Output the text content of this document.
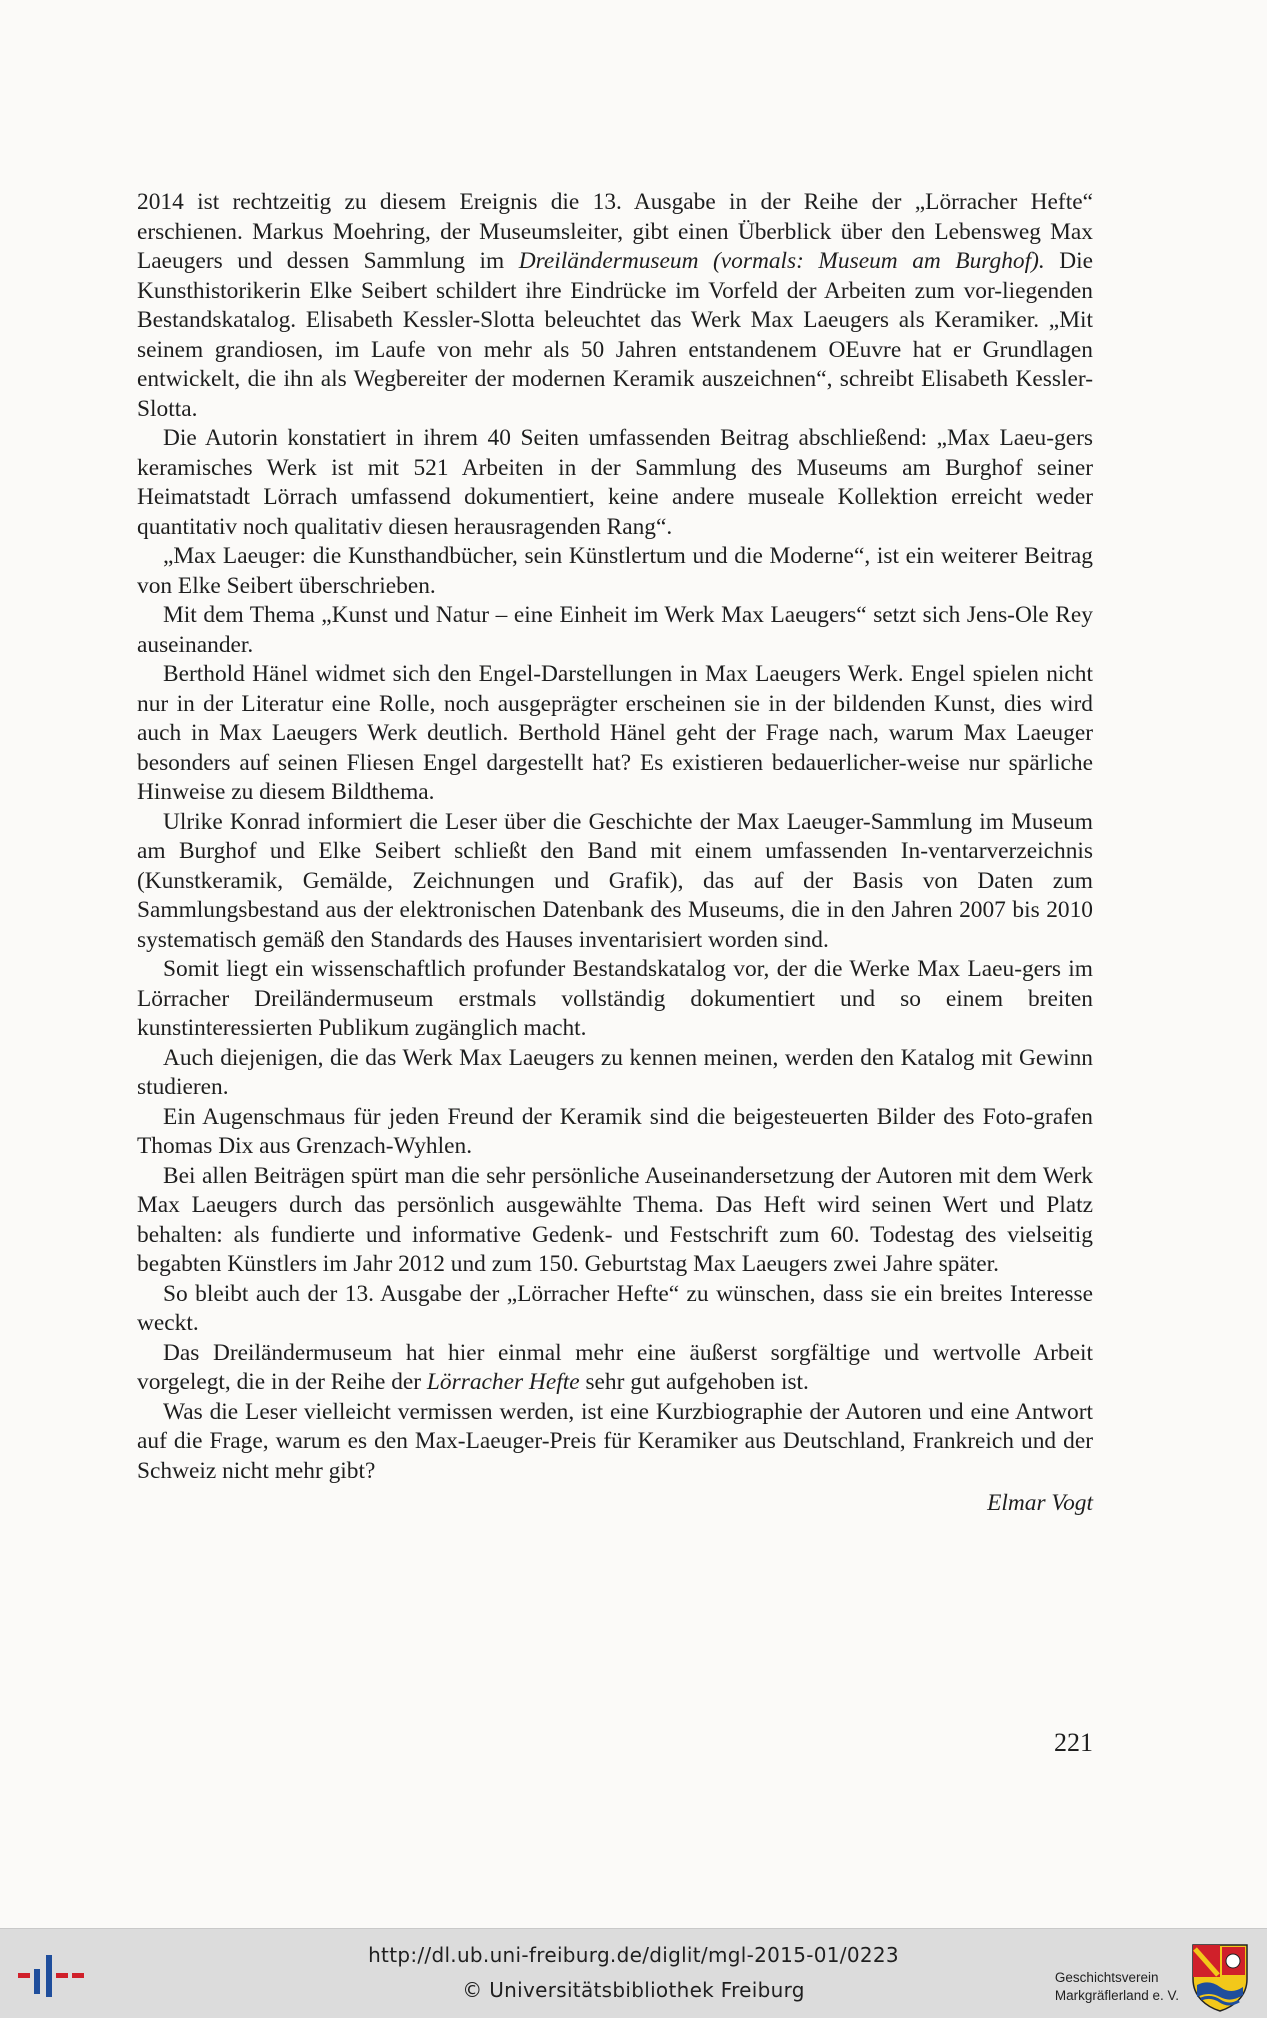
2014 ist rechtzeitig zu diesem Ereignis die 13. Ausgabe in der Reihe der „Lörracher Hefte“ erschienen. Markus Moehring, der Museumsleiter, gibt einen Überblick über den Lebensweg Max Laeugers und dessen Sammlung im Dreiländermuseum (vormals: Museum am Burghof). Die Kunsthistorikerin Elke Seibert schildert ihre Eindrücke im Vorfeld der Arbeiten zum vor-liegenden Bestandskatalog. Elisabeth Kessler-Slotta beleuchtet das Werk Max Laeugers als Keramiker. „Mit seinem grandiosen, im Laufe von mehr als 50 Jahren entstandenem OEuvre hat er Grundlagen entwickelt, die ihn als Wegbereiter der modernen Keramik auszeichnen“, schreibt Elisabeth Kessler-Slotta.

Die Autorin konstatiert in ihrem 40 Seiten umfassenden Beitrag abschließend: „Max Laeu-gers keramisches Werk ist mit 521 Arbeiten in der Sammlung des Museums am Burghof seiner Heimatstadt Lörrach umfassend dokumentiert, keine andere museale Kollektion erreicht weder quantitativ noch qualitativ diesen herausragenden Rang“.

„Max Laeuger: die Kunsthandbücher, sein Künstlertum und die Moderne“, ist ein weiterer Beitrag von Elke Seibert überschrieben.

Mit dem Thema „Kunst und Natur – eine Einheit im Werk Max Laeugers“ setzt sich Jens-Ole Rey auseinander.

Berthold Hänel widmet sich den Engel-Darstellungen in Max Laeugers Werk. Engel spielen nicht nur in der Literatur eine Rolle, noch ausgeprägter erscheinen sie in der bildenden Kunst, dies wird auch in Max Laeugers Werk deutlich. Berthold Hänel geht der Frage nach, warum Max Laeuger besonders auf seinen Fliesen Engel dargestellt hat? Es existieren bedauerlicher-weise nur spärliche Hinweise zu diesem Bildthema.

Ulrike Konrad informiert die Leser über die Geschichte der Max Laeuger-Sammlung im Museum am Burghof und Elke Seibert schließt den Band mit einem umfassenden In-ventarverzeichnis (Kunstkeramik, Gemälde, Zeichnungen und Grafik), das auf der Basis von Daten zum Sammlungsbestand aus der elektronischen Datenbank des Museums, die in den Jahren 2007 bis 2010 systematisch gemäß den Standards des Hauses inventarisiert worden sind.

Somit liegt ein wissenschaftlich profunder Bestandskatalog vor, der die Werke Max Laeu-gers im Lörracher Dreiländermuseum erstmals vollständig dokumentiert und so einem breiten kunstinteressierten Publikum zugänglich macht.

Auch diejenigen, die das Werk Max Laeugers zu kennen meinen, werden den Katalog mit Gewinn studieren.

Ein Augenschmaus für jeden Freund der Keramik sind die beigesteuerten Bilder des Foto-grafen Thomas Dix aus Grenzach-Wyhlen.

Bei allen Beiträgen spürt man die sehr persönliche Auseinandersetzung der Autoren mit dem Werk Max Laeugers durch das persönlich ausgewählte Thema. Das Heft wird seinen Wert und Platz behalten: als fundierte und informative Gedenk- und Festschrift zum 60. Todestag des vielseitig begabten Künstlers im Jahr 2012 und zum 150. Geburtstag Max Laeugers zwei Jahre später.

So bleibt auch der 13. Ausgabe der „Lörracher Hefte“ zu wünschen, dass sie ein breites Interesse weckt.

Das Dreiländermuseum hat hier einmal mehr eine äußerst sorgfältige und wertvolle Arbeit vorgelegt, die in der Reihe der Lörracher Hefte sehr gut aufgehoben ist.

Was die Leser vielleicht vermissen werden, ist eine Kurzbiographie der Autoren und eine Antwort auf die Frage, warum es den Max-Laeuger-Preis für Keramiker aus Deutschland, Frankreich und der Schweiz nicht mehr gibt?

Elmar Vogt
221
http://dl.ub.uni-freiburg.de/diglit/mgl-2015-01/0223
© Universitätsbibliothek Freiburg
Geschichtsverein
Markgräflerland e. V.
